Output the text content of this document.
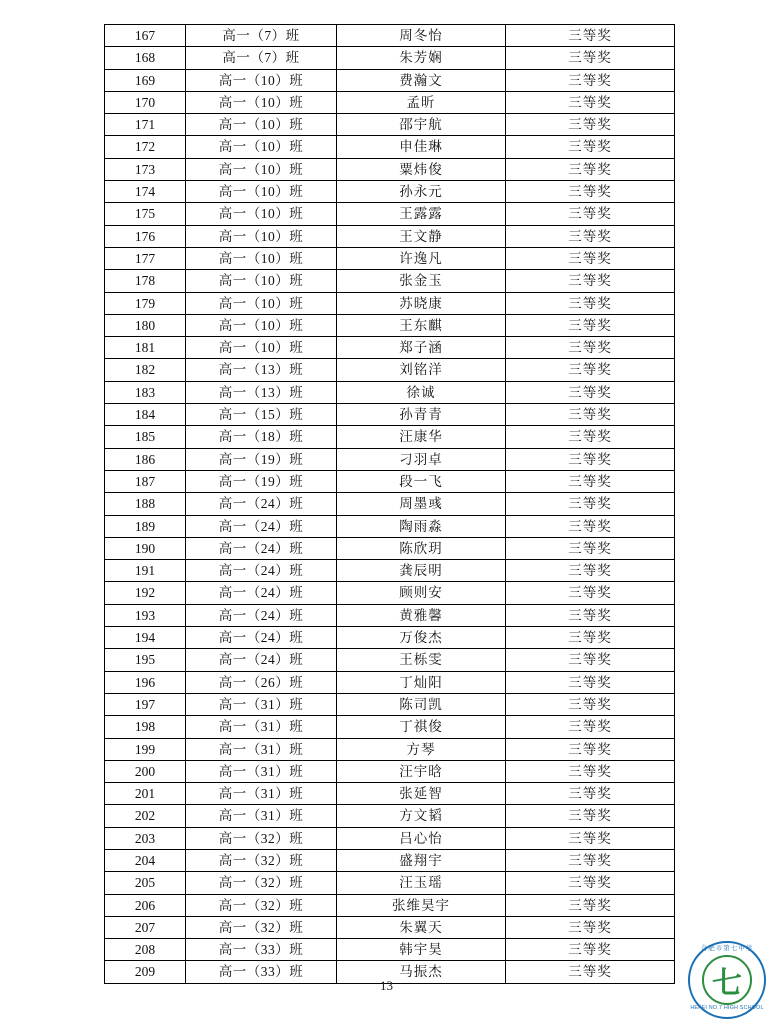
167	高一（7）班	周冬怡	三等奖
168	高一（7）班	朱芳娴	三等奖
169	高一（10）班	费瀚文	三等奖
170	高一（10）班	孟昕	三等奖
171	高一（10）班	邵宇航	三等奖
172	高一（10）班	申佳琳	三等奖
173	高一（10）班	粟炜俊	三等奖
174	高一（10）班	孙永元	三等奖
175	高一（10）班	王露露	三等奖
176	高一（10）班	王文静	三等奖
177	高一（10）班	许逸凡	三等奖
178	高一（10）班	张金玉	三等奖
179	高一（10）班	苏晓康	三等奖
180	高一（10）班	王东麒	三等奖
181	高一（10）班	郑子涵	三等奖
182	高一（13）班	刘铭洋	三等奖
183	高一（13）班	徐诚	三等奖
184	高一（15）班	孙青青	三等奖
185	高一（18）班	汪康华	三等奖
186	高一（19）班	刁羽卓	三等奖
187	高一（19）班	段一飞	三等奖
188	高一（24）班	周墨彧	三等奖
189	高一（24）班	陶雨淼	三等奖
190	高一（24）班	陈欣玥	三等奖
191	高一（24）班	龚辰明	三等奖
192	高一（24）班	顾则安	三等奖
193	高一（24）班	黄雅馨	三等奖
194	高一（24）班	万俊杰	三等奖
195	高一（24）班	王栎雯	三等奖
196	高一（26）班	丁灿阳	三等奖
197	高一（31）班	陈司凯	三等奖
198	高一（31）班	丁祺俊	三等奖
199	高一（31）班	方琴	三等奖
200	高一（31）班	汪宇晗	三等奖
201	高一（31）班	张延智	三等奖
202	高一（31）班	方文韬	三等奖
203	高一（32）班	吕心怡	三等奖
204	高一（32）班	盛翔宇	三等奖
205	高一（32）班	汪玉瑶	三等奖
206	高一（32）班	张维昊宇	三等奖
207	高一（32）班	朱翼天	三等奖
208	高一（33）班	韩宇昊	三等奖
209	高一（33）班	马振杰	三等奖
13
合肥市第七中学
七
HEFEI NO.7 HIGH SCHOOL
